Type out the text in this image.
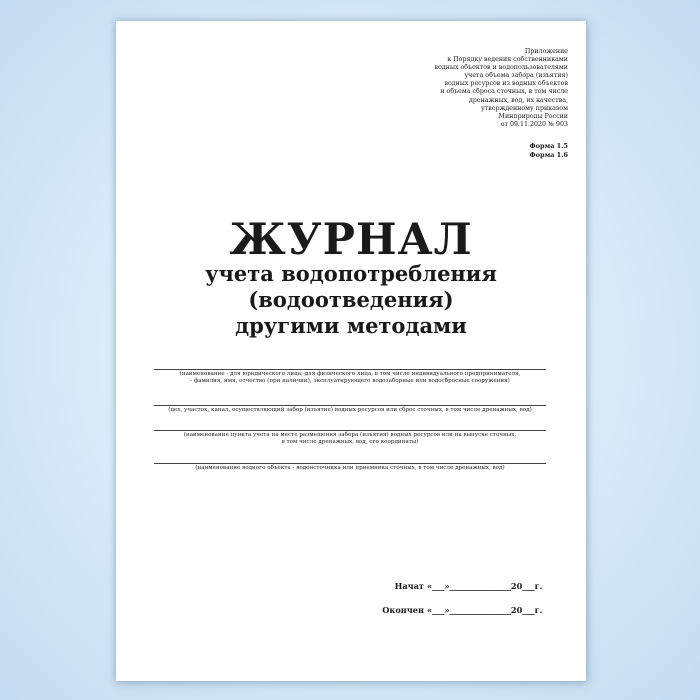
Приложение
к Порядку ведения собственниками
водных объектов и водопользователями
учета объема забора (изъятия)
водных ресурсов из водных объектов
и объема сброса сточных, в том числе
дренажных, вод, их качества,
утвержденному приказом
Минприроды России
от 09.11.2020 № 903
Форма 1.5
Форма 1.6
ЖУРНАЛ
учета водопотребления
(водоотведения)
другими методами
(наименование - для юридического лица; для физического лица, в том числе индивидуального предпринимателя,
- фамилия, имя, отчество (при наличии), эксплуатирующего водозаборные или водосбросные сооружения)
(цех, участок, канал, осуществляющий забор (изъятие) водных ресурсов или сброс сточных, в том числе дренажных, вод)
(наименование пункта учета на месте размещения забора (изъятия) водных ресурсов или на выпуске сточных,
в том числе дренажных, вод, его координаты)
(наименование водного объекта - водоисточника или приемника сточных, в том числе дренажных, вод)
Начат «___»_______________20___г.
Окончен «___»_______________20___г.
